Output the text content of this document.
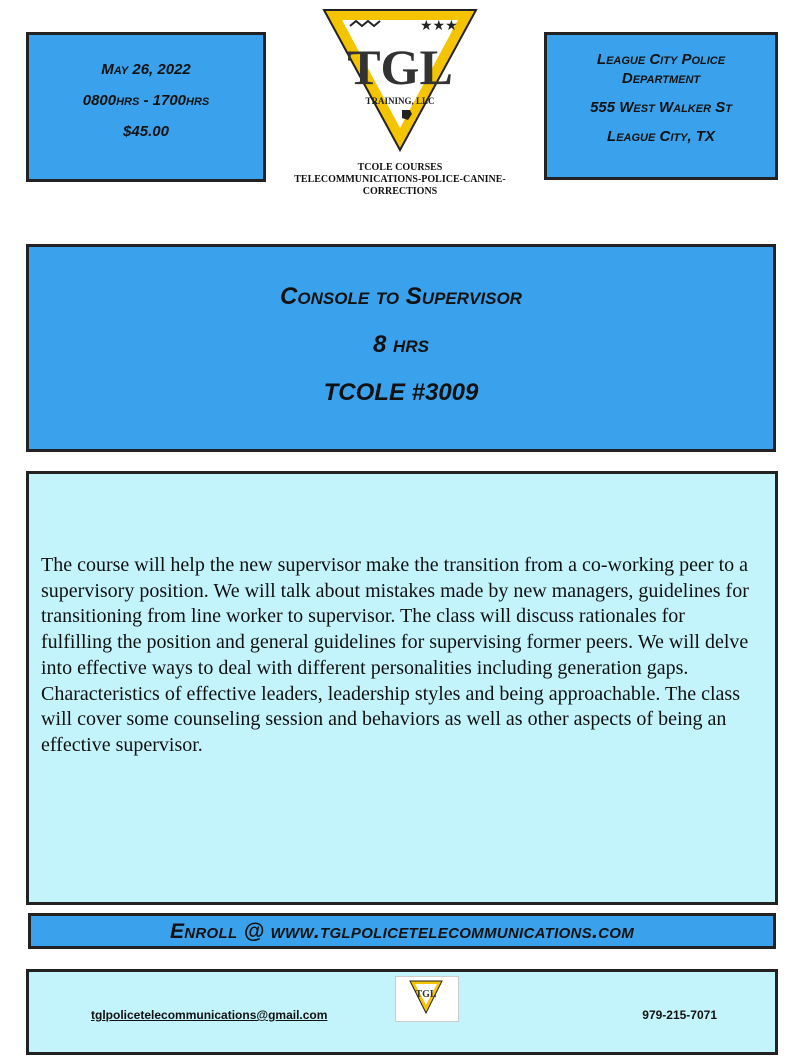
May 26, 2022
0800hrs - 1700hrs
$45.00
★★★
TGL
TRAINING, LLC
TCOLE COURSES
TELECOMMUNICATIONS-POLICE-CANINE-CORRECTIONS
League City Police
Department
555 West Walker St
League City, TX
Console to Supervisor
8 hrs
TCOLE #3009
The course will help the new supervisor make the transition from a co-working peer to a supervisory position. We will talk about mistakes made by new managers, guidelines for transitioning from line worker to supervisor. The class will discuss rationales for fulfilling the position and general guidelines for supervising former peers. We will delve into effective ways to deal with different personalities including generation gaps. Characteristics of effective leaders, leadership styles and being approachable. The class will cover some counseling session and behaviors as well as other aspects of being an effective supervisor.
Enroll @ www.tglpolicetelecommunications.com
tglpolicetelecommunications@gmail.com
TGL
979-215-7071
